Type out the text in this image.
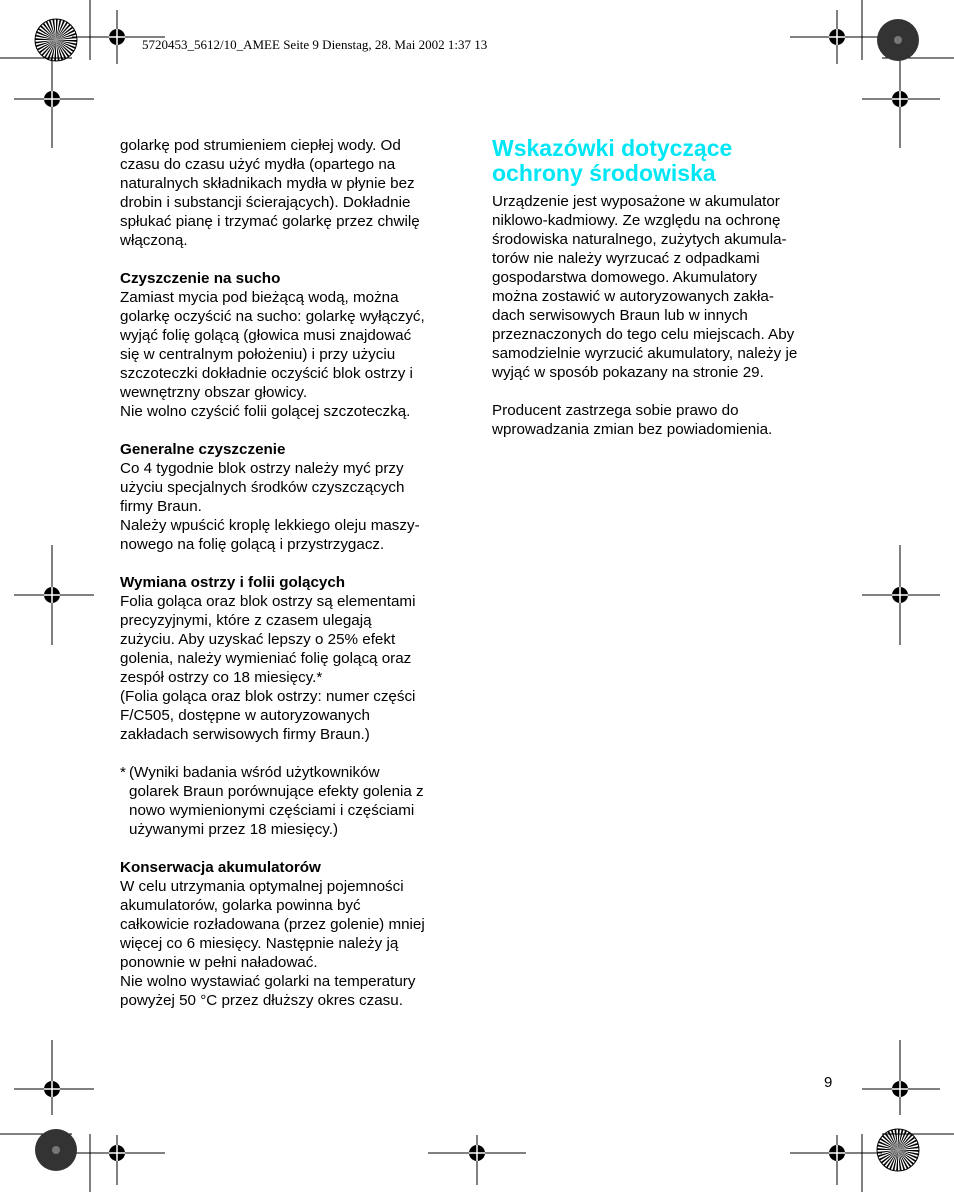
5720453_5612/10_AMEE Seite 9 Dienstag, 28. Mai 2002 1:37 13

golarkę pod strumieniem ciepłej wody. Od

czasu do czasu użyć mydła (opartego na

naturalnych składnikach mydła w płynie bez

drobin i substancji ścierających). Dokładnie

spłukać pianę i trzymać golarkę przez chwilę

włączoną.

Czyszczenie na sucho

Zamiast mycia pod bieżącą wodą, można

golarkę oczyścić na sucho: golarkę wyłączyć,

wyjąć folię golącą (głowica musi znajdować

się w centralnym położeniu) i przy użyciu

szczoteczki dokładnie oczyścić blok ostrzy i

wewnętrzny obszar głowicy.

Nie wolno czyścić folii golącej szczoteczką.

Generalne czyszczenie

Co 4 tygodnie blok ostrzy należy myć przy

użyciu specjalnych środków czyszczących

firmy Braun.

Należy wpuścić kroplę lekkiego oleju maszy-

nowego na folię golącą i przystrzygacz.

Wymiana ostrzy i folii golących

Folia goląca oraz blok ostrzy są elementami

precyzyjnymi, które z czasem ulegają

zużyciu. Aby uzyskać lepszy o 25% efekt

golenia, należy wymieniać folię golącą oraz

zespół ostrzy co 18 miesięcy.*

(Folia goląca oraz blok ostrzy: numer części

F/C505, dostępne w autoryzowanych

zakładach serwisowych firmy Braun.)

* (Wyniki badania wśród użytkowników

golarek Braun porównujące efekty golenia z

nowo wymienionymi częściami i częściami

używanymi przez 18 miesięcy.)

Konserwacja akumulatorów

W celu utrzymania optymalnej pojemności

akumulatorów, golarka powinna być

całkowicie rozładowana (przez golenie) mniej

więcej co 6 miesięcy. Następnie należy ją

ponownie w pełni naładować.

Nie wolno wystawiać golarki na temperatury

powyżej 50 °C przez dłuższy okres czasu.

Wskazówki dotyczące
ochrony środowiska

Urządzenie jest wyposażone w akumulator

niklowo-kadmiowy. Ze względu na ochronę

środowiska naturalnego, zużytych akumula-

torów nie należy wyrzucać z odpadkami

gospodarstwa domowego. Akumulatory

można zostawić w autoryzowanych zakła-

dach serwisowych Braun lub w innych

przeznaczonych do tego celu miejscach. Aby

samodzielnie wyrzucić akumulatory, należy je

wyjąć w sposób pokazany na stronie 29.

Producent zastrzega sobie prawo do

wprowadzania zmian bez powiadomienia.

9
